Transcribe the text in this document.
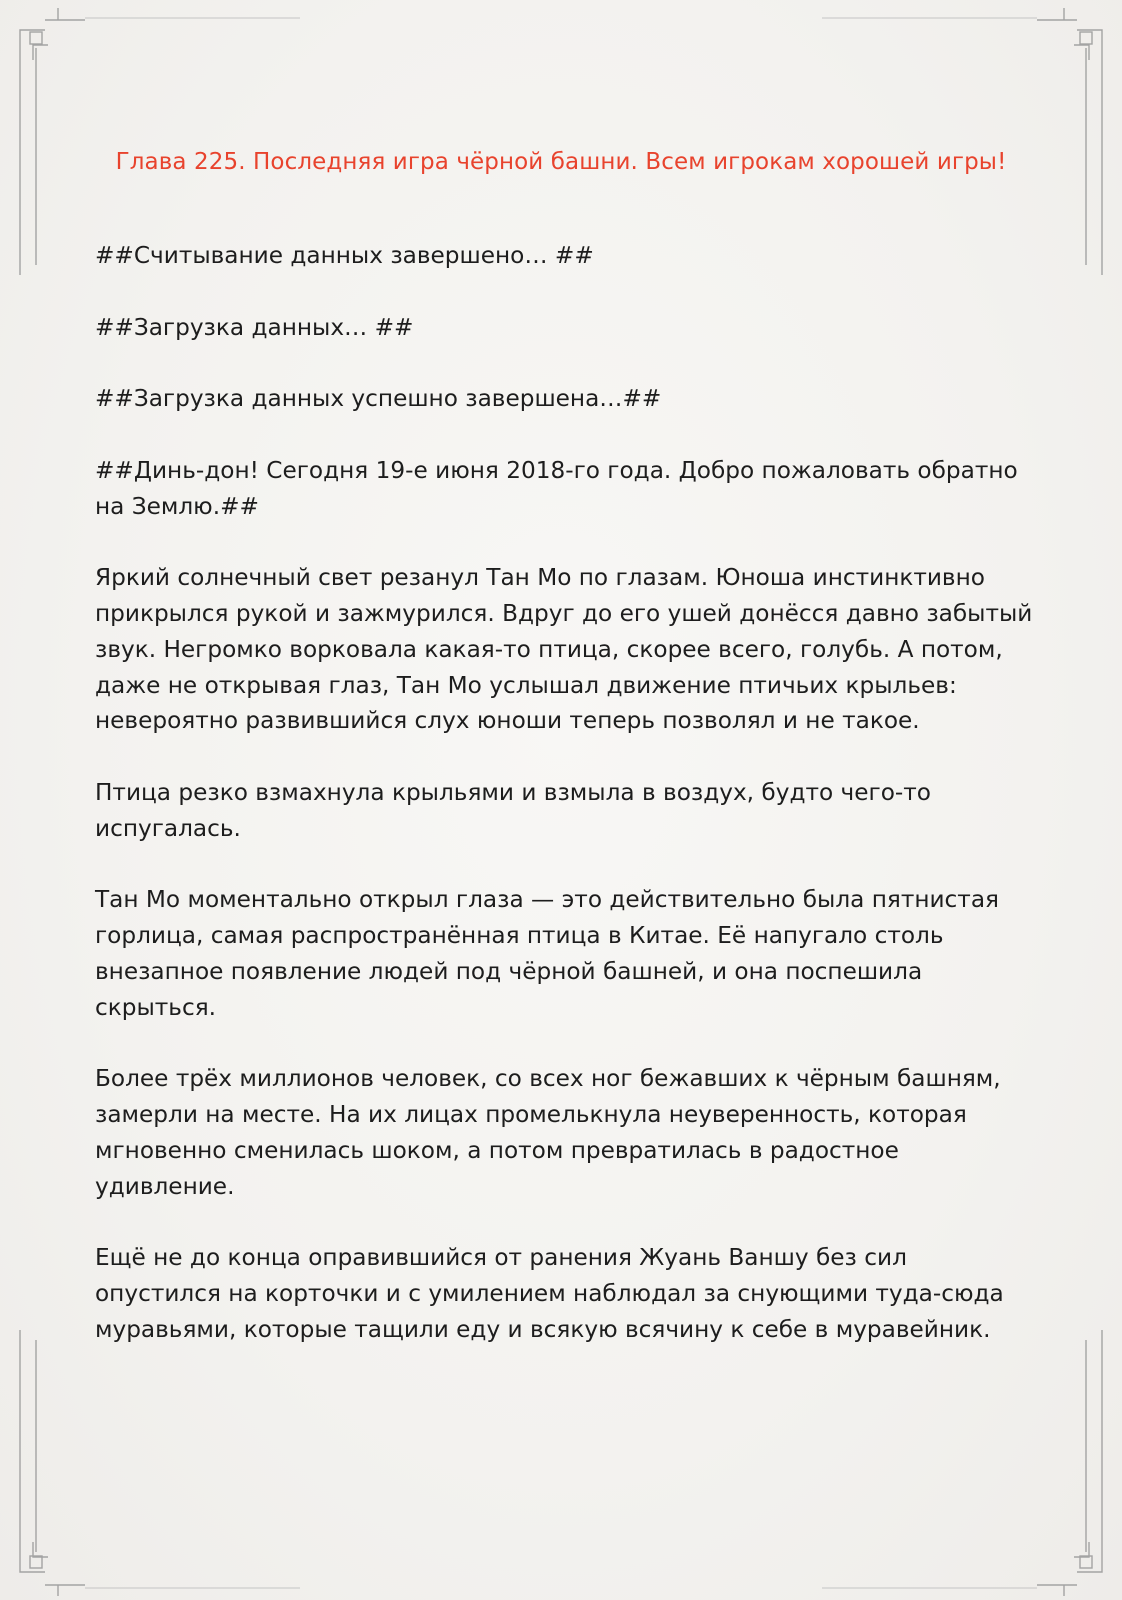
Глава 225. Последняя игра чёрной башни. Всем игрокам хорошей игры!

##Считывание данных завершено… ##

##Загрузка данных… ##

##Загрузка данных успешно завершена…##

##Динь-дон! Сегодня 19-е июня 2018-го года. Добро пожаловать обратно на Землю.##

Яркий солнечный свет резанул Тан Мо по глазам. Юноша инстинктивно прикрылся рукой и зажмурился. Вдруг до его ушей донёсся давно забытый звук. Негромко ворковала какая-то птица, скорее всего, голубь. А потом, даже не открывая глаз, Тан Мо услышал движение птичьих крыльев: невероятно развившийся слух юноши теперь позволял и не такое.

Птица резко взмахнула крыльями и взмыла в воздух, будто чего-то испугалась.

Тан Мо моментально открыл глаза — это действительно была пятнистая горлица, самая распространённая птица в Китае. Её напугало столь внезапное появление людей под чёрной башней, и она поспешила скрыться.

Более трёх миллионов человек, со всех ног бежавших к чёрным башням, замерли на месте. На их лицах промелькнула неуверенность, которая мгновенно сменилась шоком, а потом превратилась в радостное удивление.

Ещё не до конца оправившийся от ранения Жуань Ваншу без сил опустился на корточки и с умилением наблюдал за снующими туда-сюда муравьями, которые тащили еду и всякую всячину к себе в муравейник.
